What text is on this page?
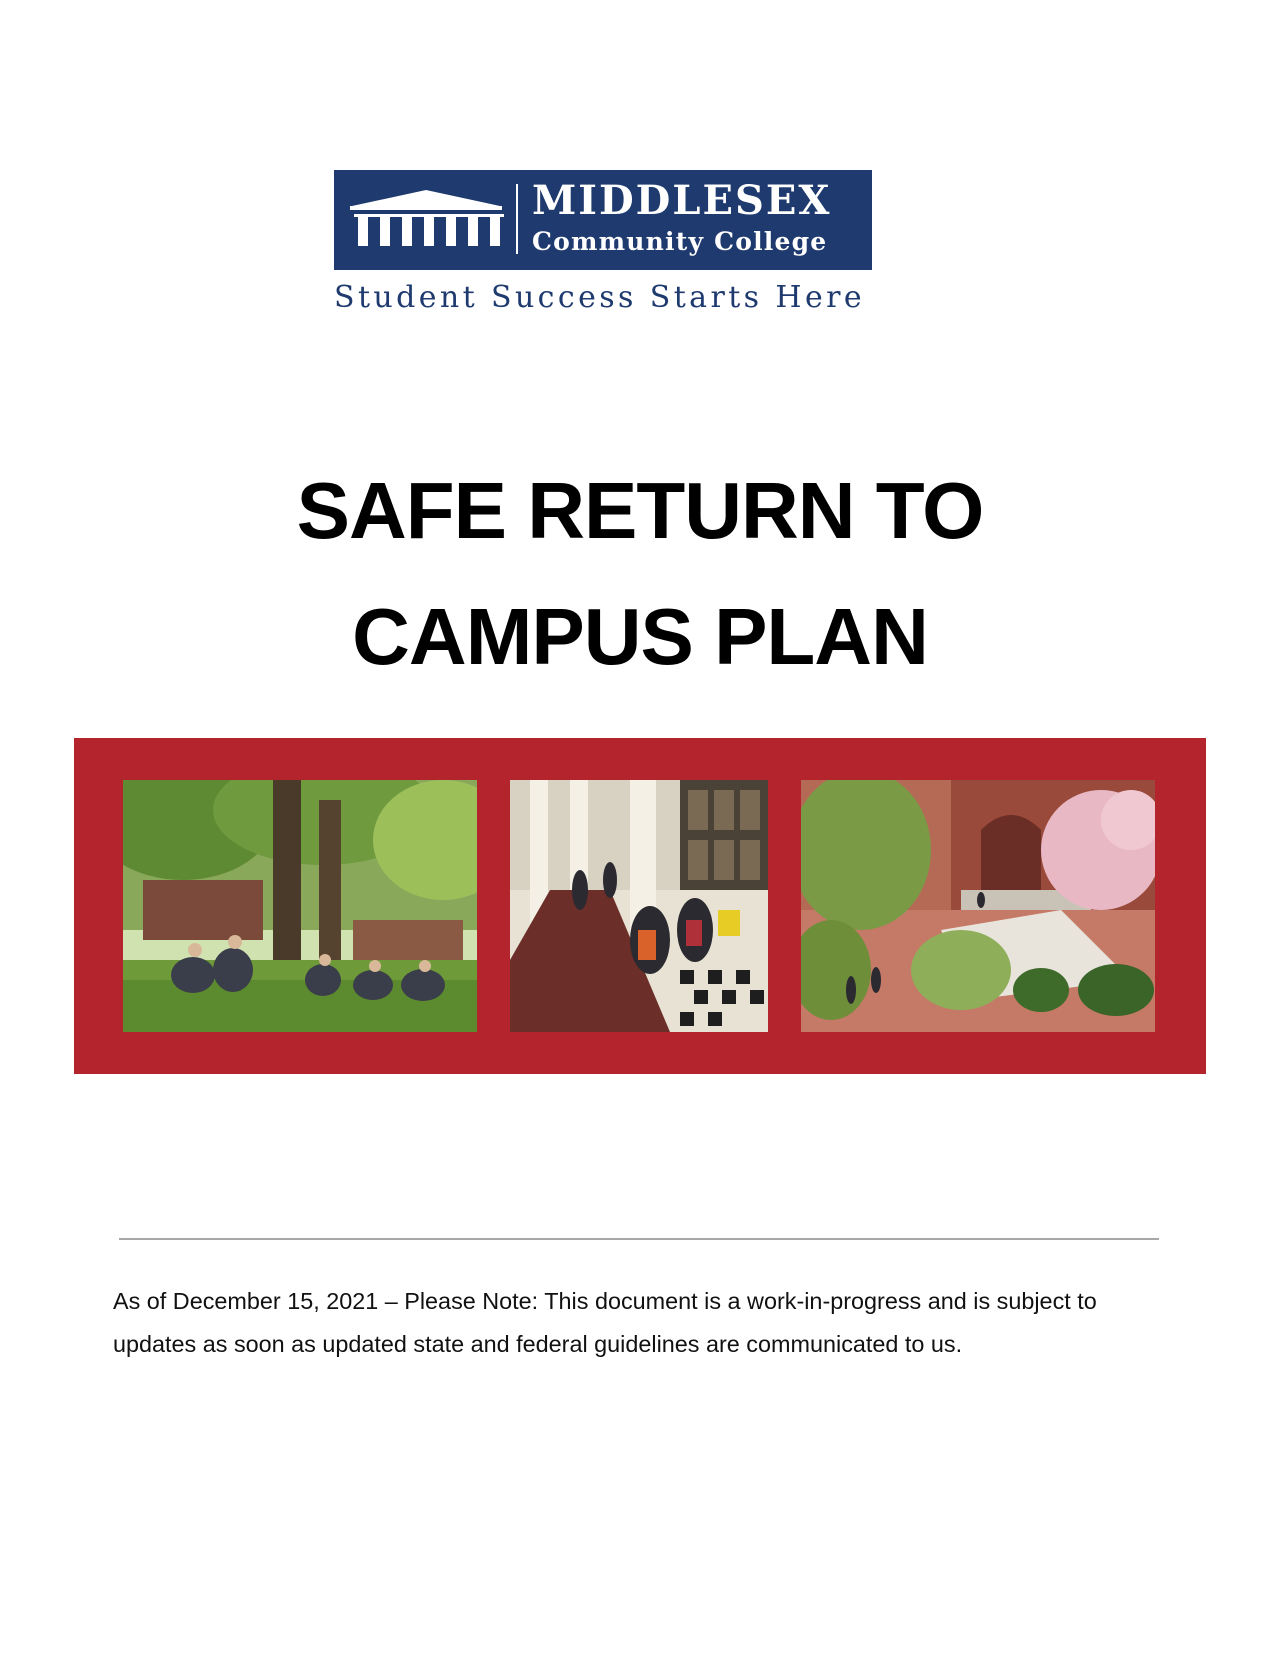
MIDDLESEX
Community College
Student Success Starts Here
SAFE RETURN TO
CAMPUS PLAN

As of December 15, 2021 – Please Note: This document is a work-in-progress and is subject to updates as soon as updated state and federal guidelines are communicated to us.
